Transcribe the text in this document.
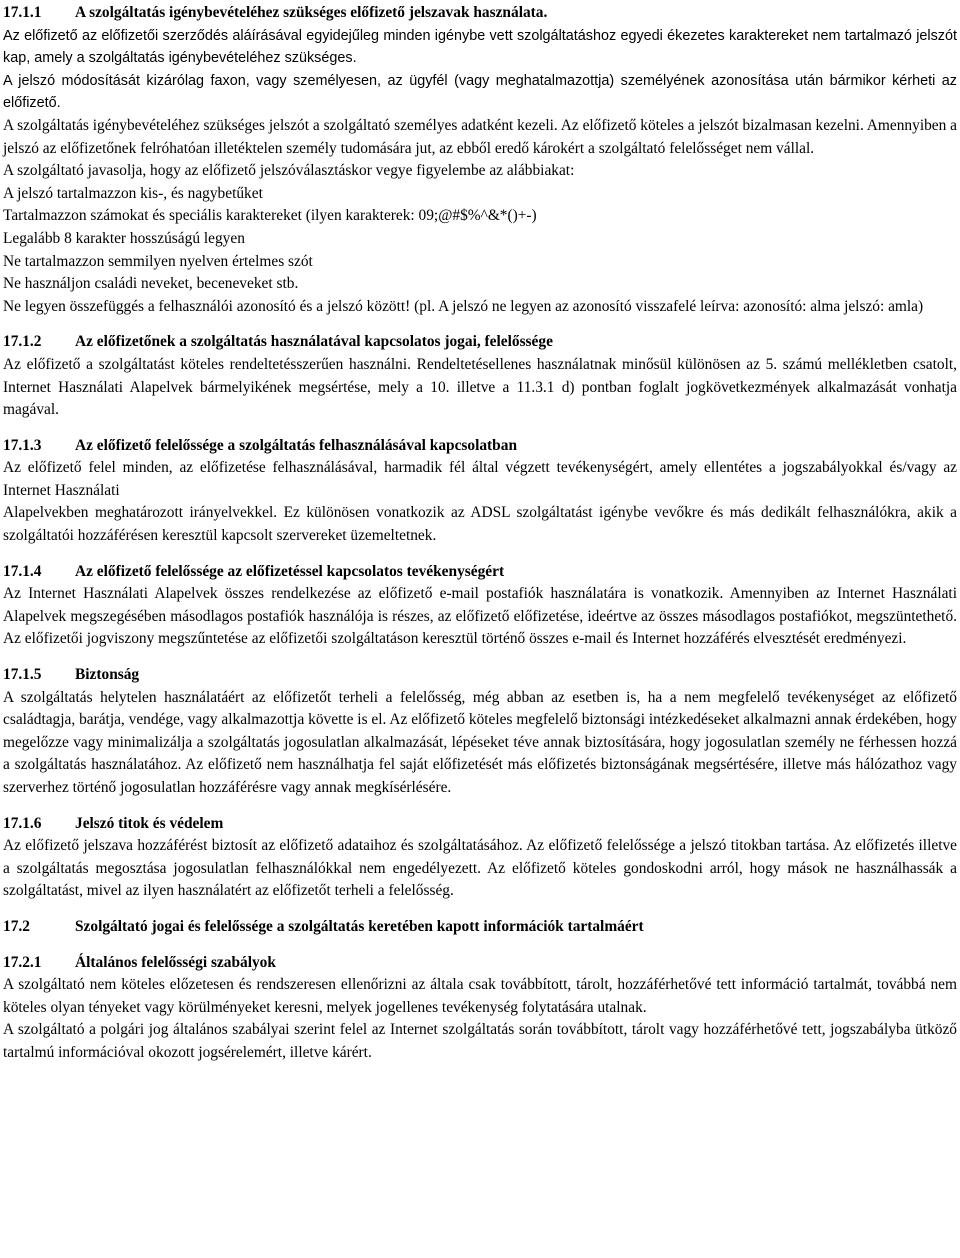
17.1.1	A szolgáltatás igénybevételéhez szükséges előfizető jelszavak használata.

Az előfizető az előfizetői szerződés aláírásával egyidejűleg minden igénybe vett szolgáltatáshoz egyedi ékezetes karaktereket nem tartalmazó jelszót kap, amely a szolgáltatás igénybevételéhez szükséges.

A jelszó módosítását kizárólag faxon, vagy személyesen, az ügyfél (vagy meghatalmazottja) személyének azonosítása után bármikor kérheti az előfizető.

A szolgáltatás igénybevételéhez szükséges jelszót a szolgáltató személyes adatként kezeli. Az előfizető köteles a jelszót bizalmasan kezelni. Amennyiben a jelszó az előfizetőnek felróhatóan illetéktelen személy tudomására jut, az ebből eredő károkért a szolgáltató felelősséget nem vállal.

A szolgáltató javasolja, hogy az előfizető jelszóválasztáskor vegye figyelembe az alábbiakat:

A jelszó tartalmazzon kis-, és nagybetűket

Tartalmazzon számokat és speciális karaktereket (ilyen karakterek: 09;@#$%^&*()+-)

Legalább 8 karakter hosszúságú legyen

Ne tartalmazzon semmilyen nyelven értelmes szót

Ne használjon családi neveket, beceneveket stb.

Ne legyen összefüggés a felhasználói azonosító és a jelszó között! (pl. A jelszó ne legyen az azonosító visszafelé leírva: azonosító: alma jelszó: amla)

17.1.2	Az előfizetőnek a szolgáltatás használatával kapcsolatos jogai, felelőssége

Az előfizető a szolgáltatást köteles rendeltetésszerűen használni. Rendeltetésellenes használatnak minősül különösen az 5. számú mellékletben csatolt, Internet Használati Alapelvek bármelyikének megsértése, mely a 10. illetve a 11.3.1 d) pontban foglalt jogkövetkezmények alkalmazását vonhatja magával.

17.1.3	Az előfizető felelőssége a szolgáltatás felhasználásával kapcsolatban

Az előfizető felel minden, az előfizetése felhasználásával, harmadik fél által végzett tevékenységért, amely ellentétes a jogszabályokkal és/vagy az Internet Használati

Alapelvekben meghatározott irányelvekkel. Ez különösen vonatkozik az ADSL szolgáltatást igénybe vevőkre és más dedikált felhasználókra, akik a szolgáltatói hozzáférésen keresztül kapcsolt szervereket üzemeltetnek.

17.1.4	Az előfizető felelőssége az előfizetéssel kapcsolatos tevékenységért

Az Internet Használati Alapelvek összes rendelkezése az előfizető e-mail postafiók használatára is vonatkozik. Amennyiben az Internet Használati Alapelvek megszegésében másodlagos postafiók használója is részes, az előfizető előfizetése, ideértve az összes másodlagos postafiókot, megszüntethető. Az előfizetői jogviszony megszűntetése az előfizetői szolgáltatáson keresztül történő összes e-mail és Internet hozzáférés elvesztését eredményezi.

17.1.5	Biztonság

A szolgáltatás helytelen használatáért az előfizetőt terheli a felelősség, még abban az esetben is, ha a nem megfelelő tevékenységet az előfizető családtagja, barátja, vendége, vagy alkalmazottja követte is el. Az előfizető köteles megfelelő biztonsági intézkedéseket alkalmazni annak érdekében, hogy megelőzze vagy minimalizálja a szolgáltatás jogosulatlan alkalmazását, lépéseket téve annak biztosítására, hogy jogosulatlan személy ne férhessen hozzá a szolgáltatás használatához. Az előfizető nem használhatja fel saját előfizetését más előfizetés biztonságának megsértésére, illetve más hálózathoz vagy szerverhez történő jogosulatlan hozzáférésre vagy annak megkísérlésére.

17.1.6	Jelszó titok és védelem

Az előfizető jelszava hozzáférést biztosít az előfizető adataihoz és szolgáltatásához. Az előfizető felelőssége a jelszó titokban tartása. Az előfizetés illetve a szolgáltatás megosztása jogosulatlan felhasználókkal nem engedélyezett. Az előfizető köteles gondoskodni arról, hogy mások ne használhassák a szolgáltatást, mivel az ilyen használatért az előfizetőt terheli a felelősség.

17.2	Szolgáltató jogai és felelőssége a szolgáltatás keretében kapott információk tartalmáért
17.2.1	Általános felelősségi szabályok

A szolgáltató nem köteles előzetesen és rendszeresen ellenőrizni az általa csak továbbított, tárolt, hozzáférhetővé tett információ tartalmát, továbbá nem köteles olyan tényeket vagy körülményeket keresni, melyek jogellenes tevékenység folytatására utalnak.

A szolgáltató a polgári jog általános szabályai szerint felel az Internet szolgáltatás során továbbított, tárolt vagy hozzáférhetővé tett, jogszabályba ütköző tartalmú információval okozott jogsérelemért, illetve kárért.
